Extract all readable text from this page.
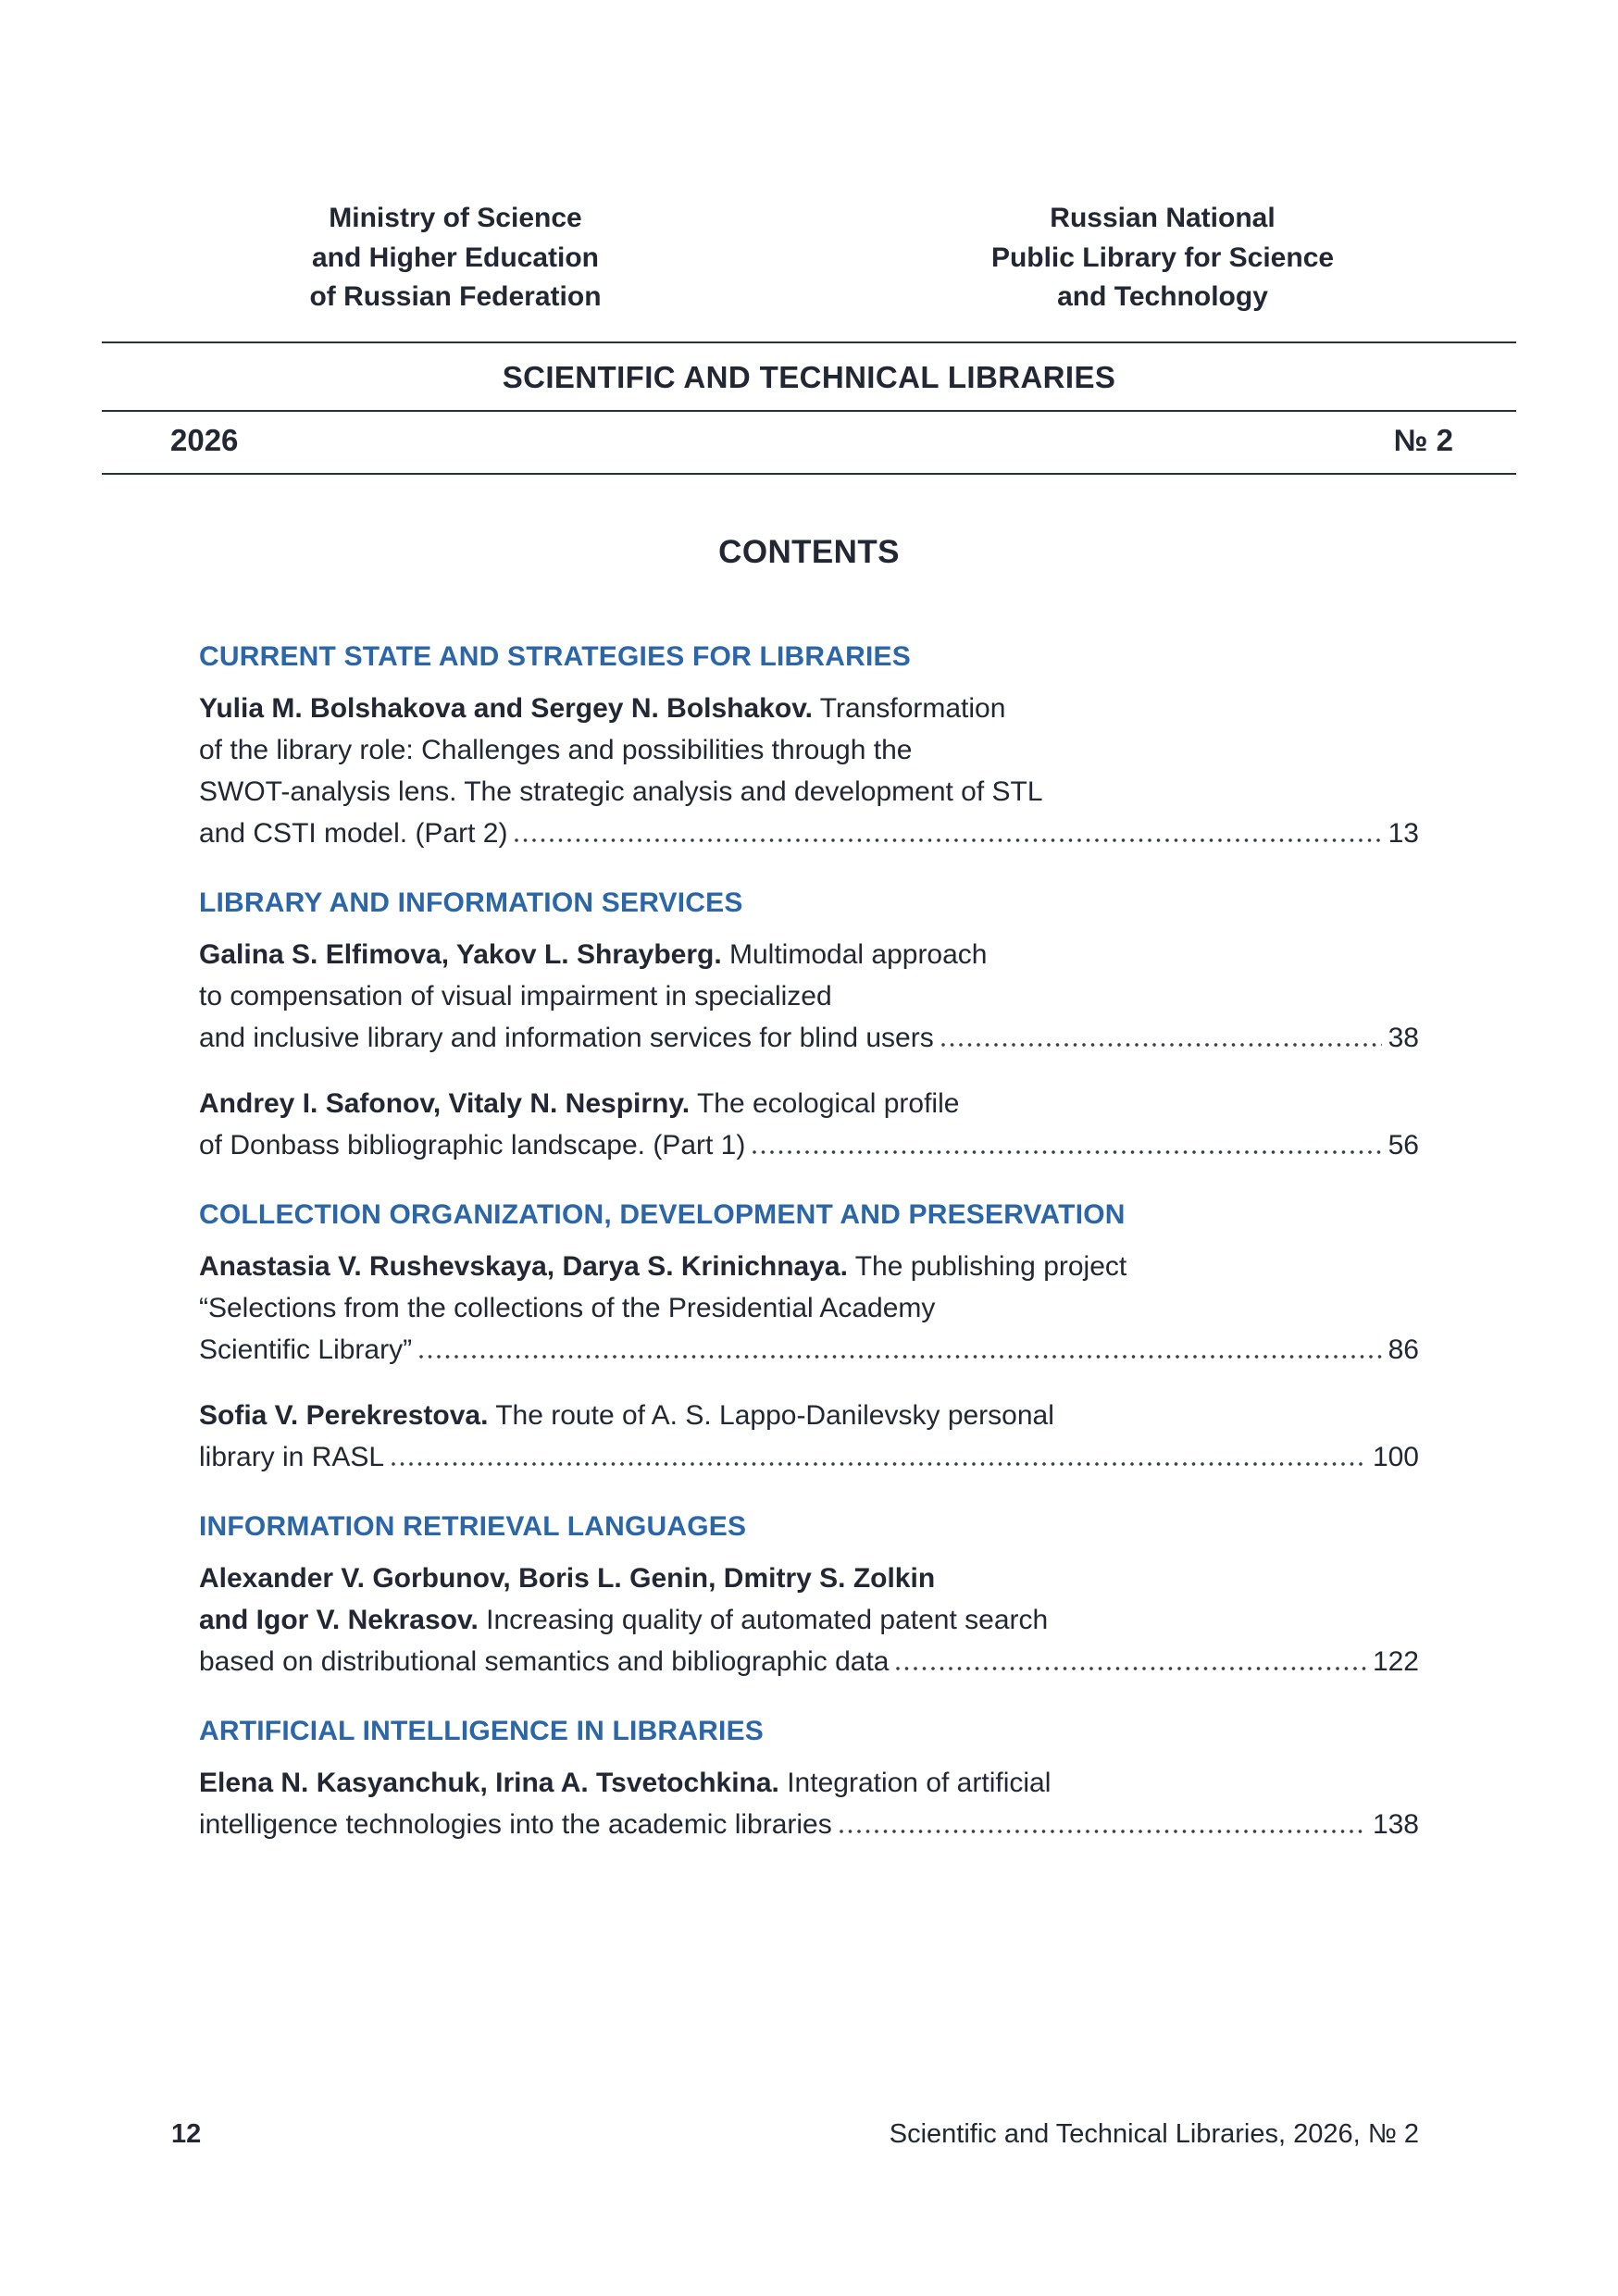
Ministry of Science
and Higher Education
of Russian Federation
Russian National
Public Library for Science
and Technology
SCIENTIFIC AND TECHNICAL LIBRARIES
2026	№ 2
CONTENTS
CURRENT STATE AND STRATEGIES FOR LIBRARIES
Yulia M. Bolshakova and Sergey N. Bolshakov. Transformation
of the library role: Challenges and possibilities through the
SWOT-analysis lens. The strategic analysis and development of STL
and CSTI model. (Part 2)	13
LIBRARY AND INFORMATION SERVICES
Galina S. Elfimova, Yakov L. Shrayberg. Multimodal approach
to compensation of visual impairment in specialized
and inclusive library and information services for blind users	38
Andrey I. Safonov, Vitaly N. Nespirny. The ecological profile
of Donbass bibliographic landscape. (Part 1)	56
COLLECTION ORGANIZATION, DEVELOPMENT AND PRESERVATION
Anastasia V. Rushevskaya, Darya S. Krinichnaya. The publishing project
“Selections from the collections of the Presidential Academy
Scientific Library”	86
Sofia V. Perekrestova. The route of A. S. Lappo-Danilevsky personal
library in RASL	100
INFORMATION RETRIEVAL LANGUAGES
Alexander V. Gorbunov, Boris L. Genin, Dmitry S. Zolkin
and Igor V. Nekrasov. Increasing quality of automated patent search
based on distributional semantics and bibliographic data	122
ARTIFICIAL INTELLIGENCE IN LIBRARIES
Elena N. Kasyanchuk, Irina A. Tsvetochkina. Integration of artificial
intelligence technologies into the academic libraries	138
12	Scientific and Technical Libraries, 2026, № 2
